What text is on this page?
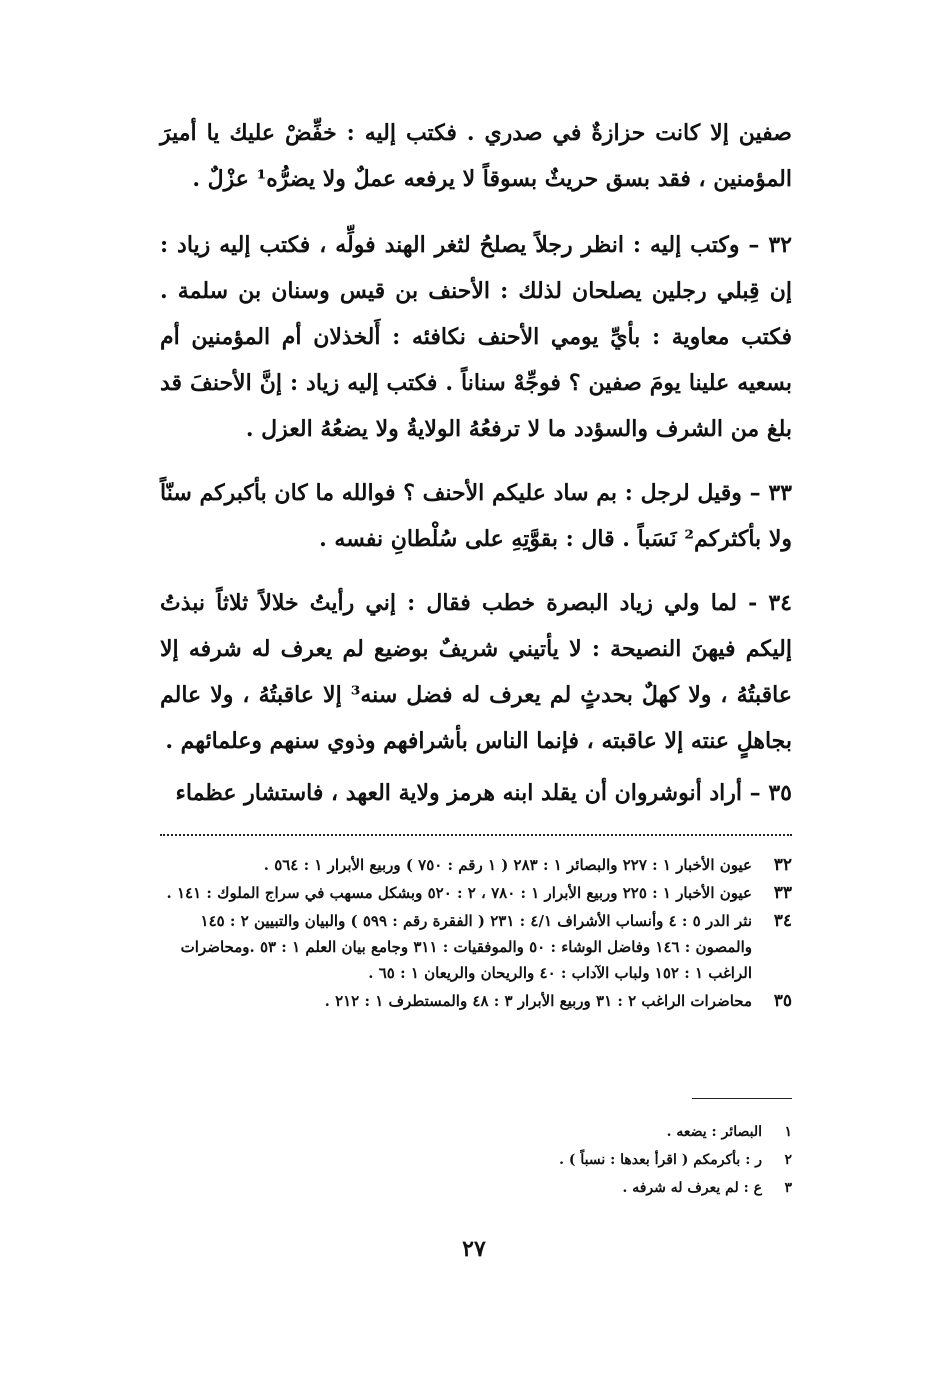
صفين إلا كانت حزازةٌ في صدري . فكتب إليه : خفِّضْ عليك يا أميرَ المؤمنين ، فقد بسق حريثٌ بسوقاً لا يرفعه عملٌ ولا يضرُّه¹ عزْلٌ .
٣٢ – وكتب إليه : انظر رجلاً يصلحُ لثغر الهند فولِّه ، فكتب إليه زياد : إن قِبلي رجلين يصلحان لذلك : الأحنف بن قيس وسنان بن سلمة . فكتب معاوية : بأيِّ يومي الأحنف نكافئه : أَلخذلان أم المؤمنين أم بسعيه علينا يومَ صفين ؟ فوجِّهْ سناناً . فكتب إليه زياد : إنَّ الأحنفَ قد بلغ من الشرف والسؤدد ما لا ترفعُهُ الولايةُ ولا يضعُهُ العزل .
٣٣ – وقيل لرجل : بم ساد عليكم الأحنف ؟ فوالله ما كان بأكبركم سنّاً ولا بأكثركم² نَسَباً . قال : بقوَّتِهِ على سُلْطانِ نفسه .
٣٤ - لما ولي زياد البصرة خطب فقال : إني رأيتُ خلالاً ثلاثاً نبذتُ إليكم فيهنَ النصيحة : لا يأتيني شريفٌ بوضيع لم يعرف له شرفه إلا عاقبتُهُ ، ولا كهلٌ بحدثٍ لم يعرف له فضل سنه³ إلا عاقبتُهُ ، ولا عالم بجاهلٍ عنته إلا عاقبته ، فإنما الناس بأشرافهم وذوي سنهم وعلمائهم .
٣٥ – أراد أنوشروان أن يقلد ابنه هرمز ولاية العهد ، فاستشار عظماء
٣٢
عيون الأخبار ١ : ٢٢٧ والبصائر ١ : ٢٨٣ ( ١ رقم : ٧٥٠ ) وربيع الأبرار ١ : ٥٦٤ .
٣٣
عيون الأخبار ١ : ٢٢٥ وربيع الأبرار ١ : ٧٨٠ ، ٢ : ٥٢٠ وبشكل مسهب في سراج الملوك : ١٤١ .
٣٤
نثر الدر ٥ : ٤ وأنساب الأشراف ٤/١ : ٢٣١ ( الفقرة رقم : ٥٩٩ ) والبيان والتبيين ٢ : ١٤٥ والمصون : ١٤٦ وفاضل الوشاء : ٥٠ والموفقيات : ٣١١ وجامع بيان العلم ١ : ٥٣ .ومحاضرات الراغب ١ : ١٥٢ ولباب الآداب : ٤٠ والريحان والريعان ١ : ٦٥ .
٣٥
محاضرات الراغب ٢ : ٣١ وربيع الأبرار ٣ : ٤٨ والمستطرف ١ : ٢١٢ .
١
البصائر : يضعه .
٢
ر : بأكرمكم ( اقرأ بعدها : نسباً ) .
٣
ع : لم يعرف له شرفه .
٢٧
